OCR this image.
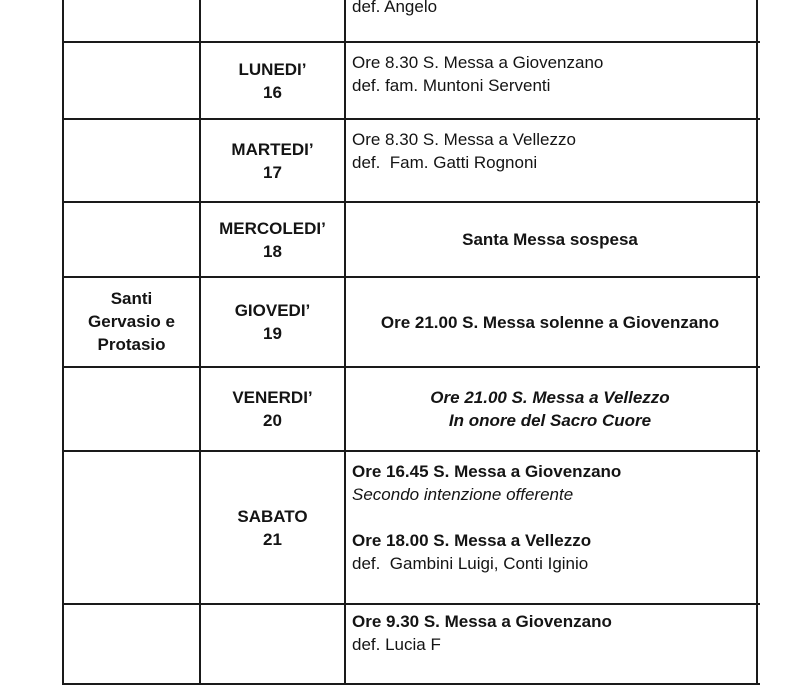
def. Angelo
LUNEDI’
16
Ore 8.30 S. Messa a Giovenzano
def. fam. Muntoni Serventi
MARTEDI’
17
Ore 8.30 S. Messa a Vellezzo
def.  Fam. Gatti Rognoni
MERCOLEDI’
18
Santa Messa sospesa
Santi
Gervasio e
Protasio
GIOVEDI’
19
Ore 21.00 S. Messa solenne a Giovenzano
VENERDI’
20
Ore 21.00 S. Messa a Vellezzo
In onore del Sacro Cuore
SABATO
21
Ore 16.45 S. Messa a Giovenzano
Secondo intenzione offerente
Ore 18.00 S. Messa a Vellezzo
def.  Gambini Luigi, Conti Iginio
Ore 9.30 S. Messa a Giovenzano
def. Lucia F
